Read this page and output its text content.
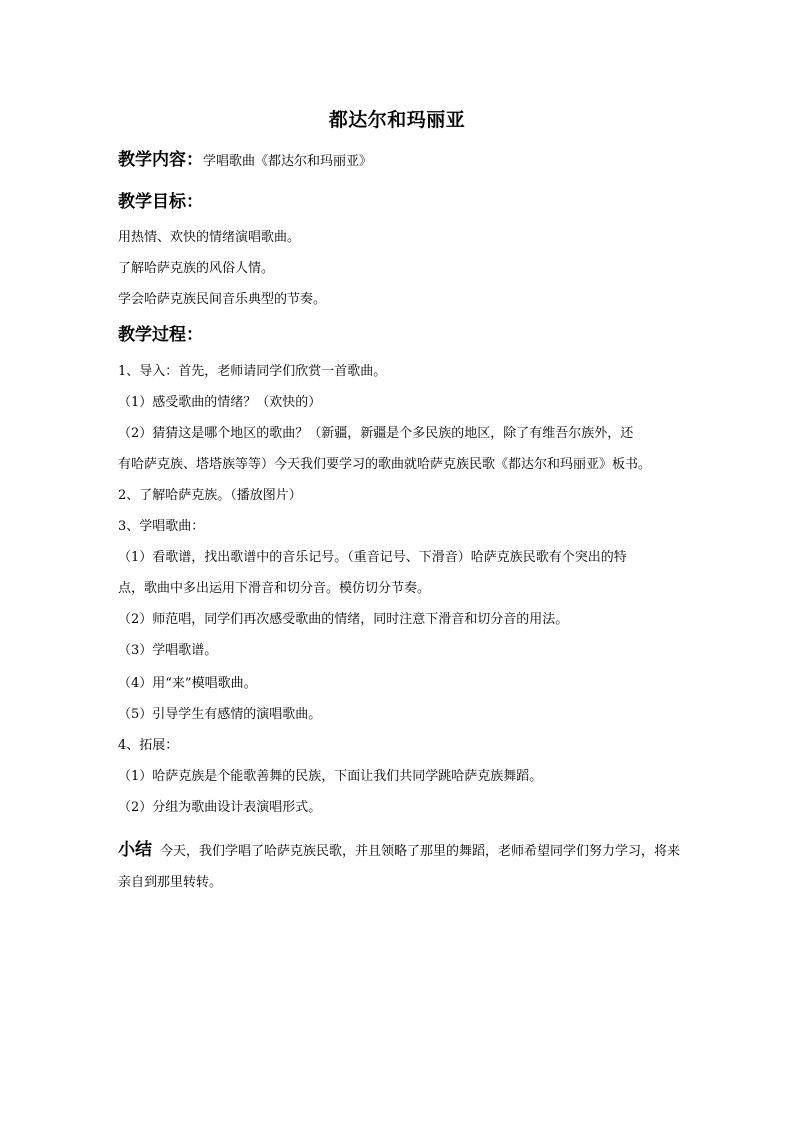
都达尔和玛丽亚
教学内容：学唱歌曲《都达尔和玛丽亚》
教学目标：
用热情、欢快的情绪演唱歌曲。
了解哈萨克族的风俗人情。
学会哈萨克族民间音乐典型的节奏。
教学过程：
1、导入：首先，老师请同学们欣赏一首歌曲。
（1）感受歌曲的情绪？（欢快的）
（2）猜猜这是哪个地区的歌曲？（新疆，新疆是个多民族的地区，除了有维吾尔族外，还
有哈萨克族、塔塔族等等）今天我们要学习的歌曲就哈萨克族民歌《都达尔和玛丽亚》板书。
2、了解哈萨克族。（播放图片）
3、学唱歌曲：
（1）看歌谱，找出歌谱中的音乐记号。（重音记号、下滑音）哈萨克族民歌有个突出的特
点，歌曲中多出运用下滑音和切分音。模仿切分节奏。
（2）师范唱，同学们再次感受歌曲的情绪，同时注意下滑音和切分音的用法。
（3）学唱歌谱。
（4）用“来”模唱歌曲。
（5）引导学生有感情的演唱歌曲。
4、拓展：
（1）哈萨克族是个能歌善舞的民族，下面让我们共同学跳哈萨克族舞蹈。
（2）分组为歌曲设计表演唱形式。
小结 今天，我们学唱了哈萨克族民歌，并且领略了那里的舞蹈，老师希望同学们努力学习，将来亲自到那里转转。
